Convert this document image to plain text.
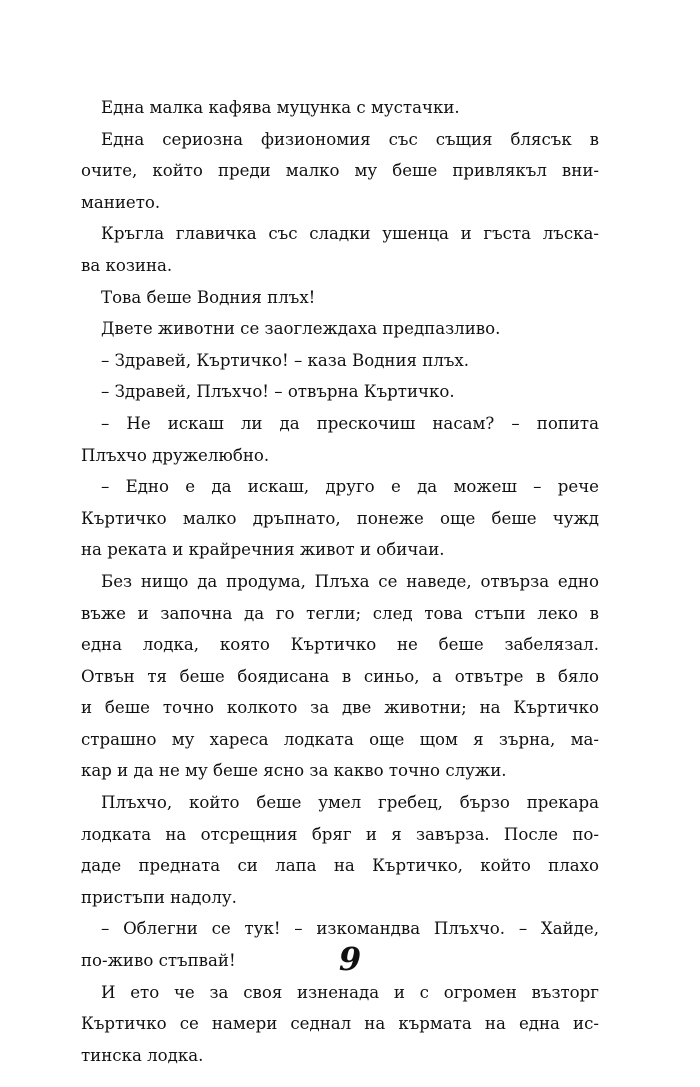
Една малка кафява муцунка с мустачки.
Една сериозна физиономия със същия блясък в
очите, който преди малко му беше привлякъл вни-
манието.
Кръгла главичка със сладки ушенца и гъста лъска-
ва козина.
Това беше Водния плъх!
Двете животни се заоглеждаха предпазливо.
– Здравей, Къртичко! – каза Водния плъх.
– Здравей, Плъхчо! – отвърна Къртичко.
– Не искаш ли да прескочиш насам? – попита
Плъхчо дружелюбно.
– Едно е да искаш, друго е да можеш – рече
Къртичко малко дръпнато, понеже още беше чужд
на реката и крайречния живот и обичаи.
Без нищо да продума, Плъха се наведе, отвърза едно
въже и започна да го тегли; след това стъпи леко в
една лодка, която Къртичко не беше забелязал.
Отвън тя беше боядисана в синьо, а отвътре в бяло
и беше точно колкото за две животни; на Къртичко
страшно му хареса лодката още щом я зърна, ма-
кар и да не му беше ясно за какво точно служи.
Плъхчо, който беше умел гребец, бързо прекара
лодката на отсрещния бряг и я завърза. После по-
даде предната си лапа на Къртичко, който плахо
пристъпи надолу.
– Облегни се тук! – изкомандва Плъхчо. – Хайде,
по-живо стъпвай!
И ето че за своя изненада и с огромен възторг
Къртичко се намери седнал на кърмата на една ис-
тинска лодка.
9
